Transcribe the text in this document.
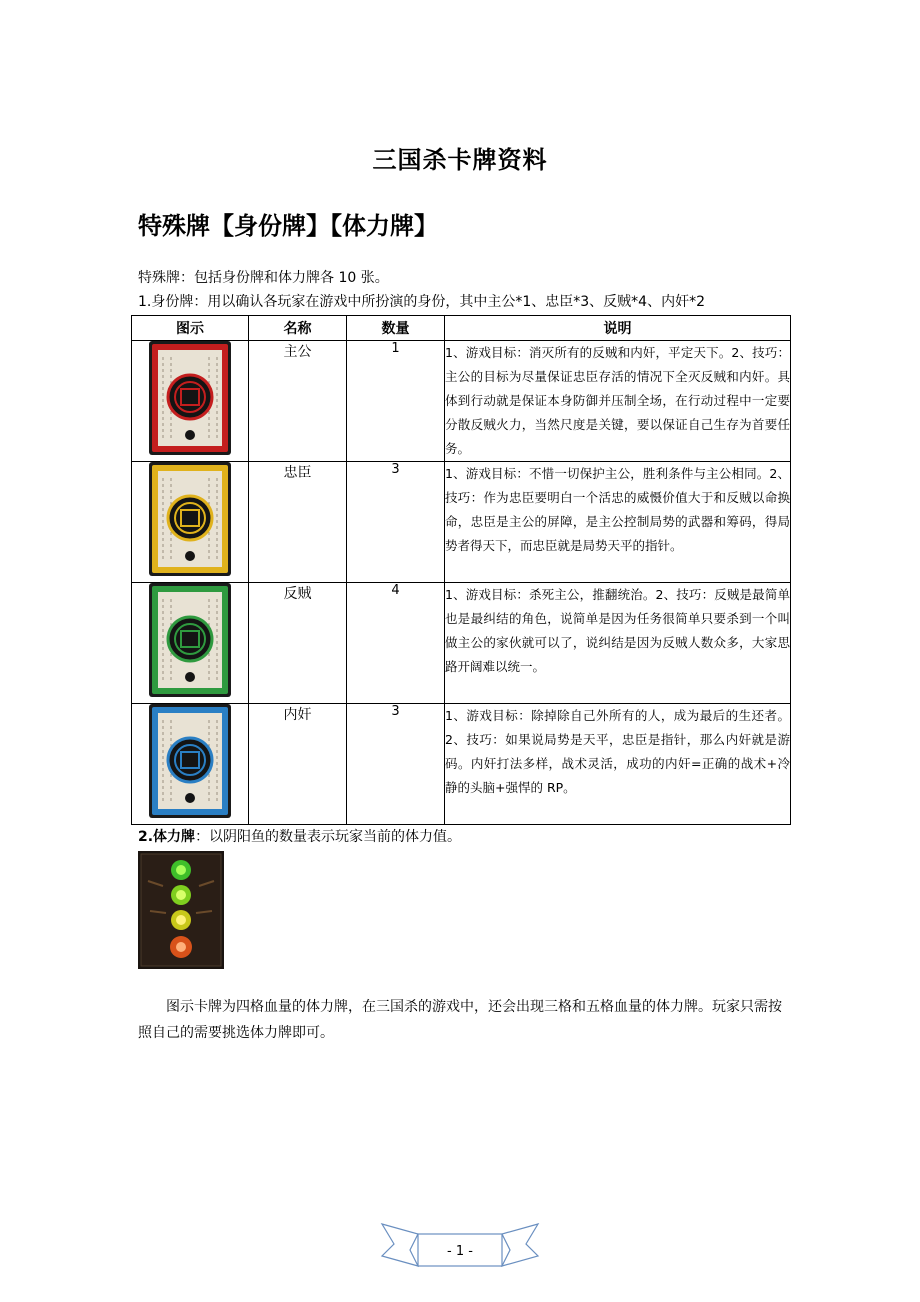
三国杀卡牌资料
特殊牌【身份牌】【体力牌】
特殊牌：包括身份牌和体力牌各 10 张。
1.身份牌：用以确认各玩家在游戏中所扮演的身份，其中主公*1、忠臣*3、反贼*4、内奸*2
图示	名称	数量	说明
	主公	1	1、游戏目标：消灭所有的反贼和内奸，平定天下。2、技巧：主公的目标为尽量保证忠臣存活的情况下全灭反贼和内奸。具体到行动就是保证本身防御并压制全场，在行动过程中一定要分散反贼火力，当然尺度是关键，要以保证自己生存为首要任务。
	忠臣	3	1、游戏目标：不惜一切保护主公，胜利条件与主公相同。2、技巧：作为忠臣要明白一个活忠的威慑价值大于和反贼以命换命，忠臣是主公的屏障，是主公控制局势的武器和筹码，得局势者得天下，而忠臣就是局势天平的指针。
	反贼	4	1、游戏目标：杀死主公，推翻统治。2、技巧：反贼是最简单也是最纠结的角色，说简单是因为任务很简单只要杀到一个叫做主公的家伙就可以了，说纠结是因为反贼人数众多，大家思路开阔难以统一。
	内奸	3	1、游戏目标：除掉除自己外所有的人，成为最后的生还者。2、技巧：如果说局势是天平，忠臣是指针，那么内奸就是游码。内奸打法多样，战术灵活，成功的内奸=正确的战术+冷静的头脑+强悍的 RP。
2.体力牌：以阴阳鱼的数量表示玩家当前的体力值。
图示卡牌为四格血量的体力牌，在三国杀的游戏中，还会出现三格和五格血量的体力牌。玩家只需按照自己的需要挑选体力牌即可。
- 1 -
